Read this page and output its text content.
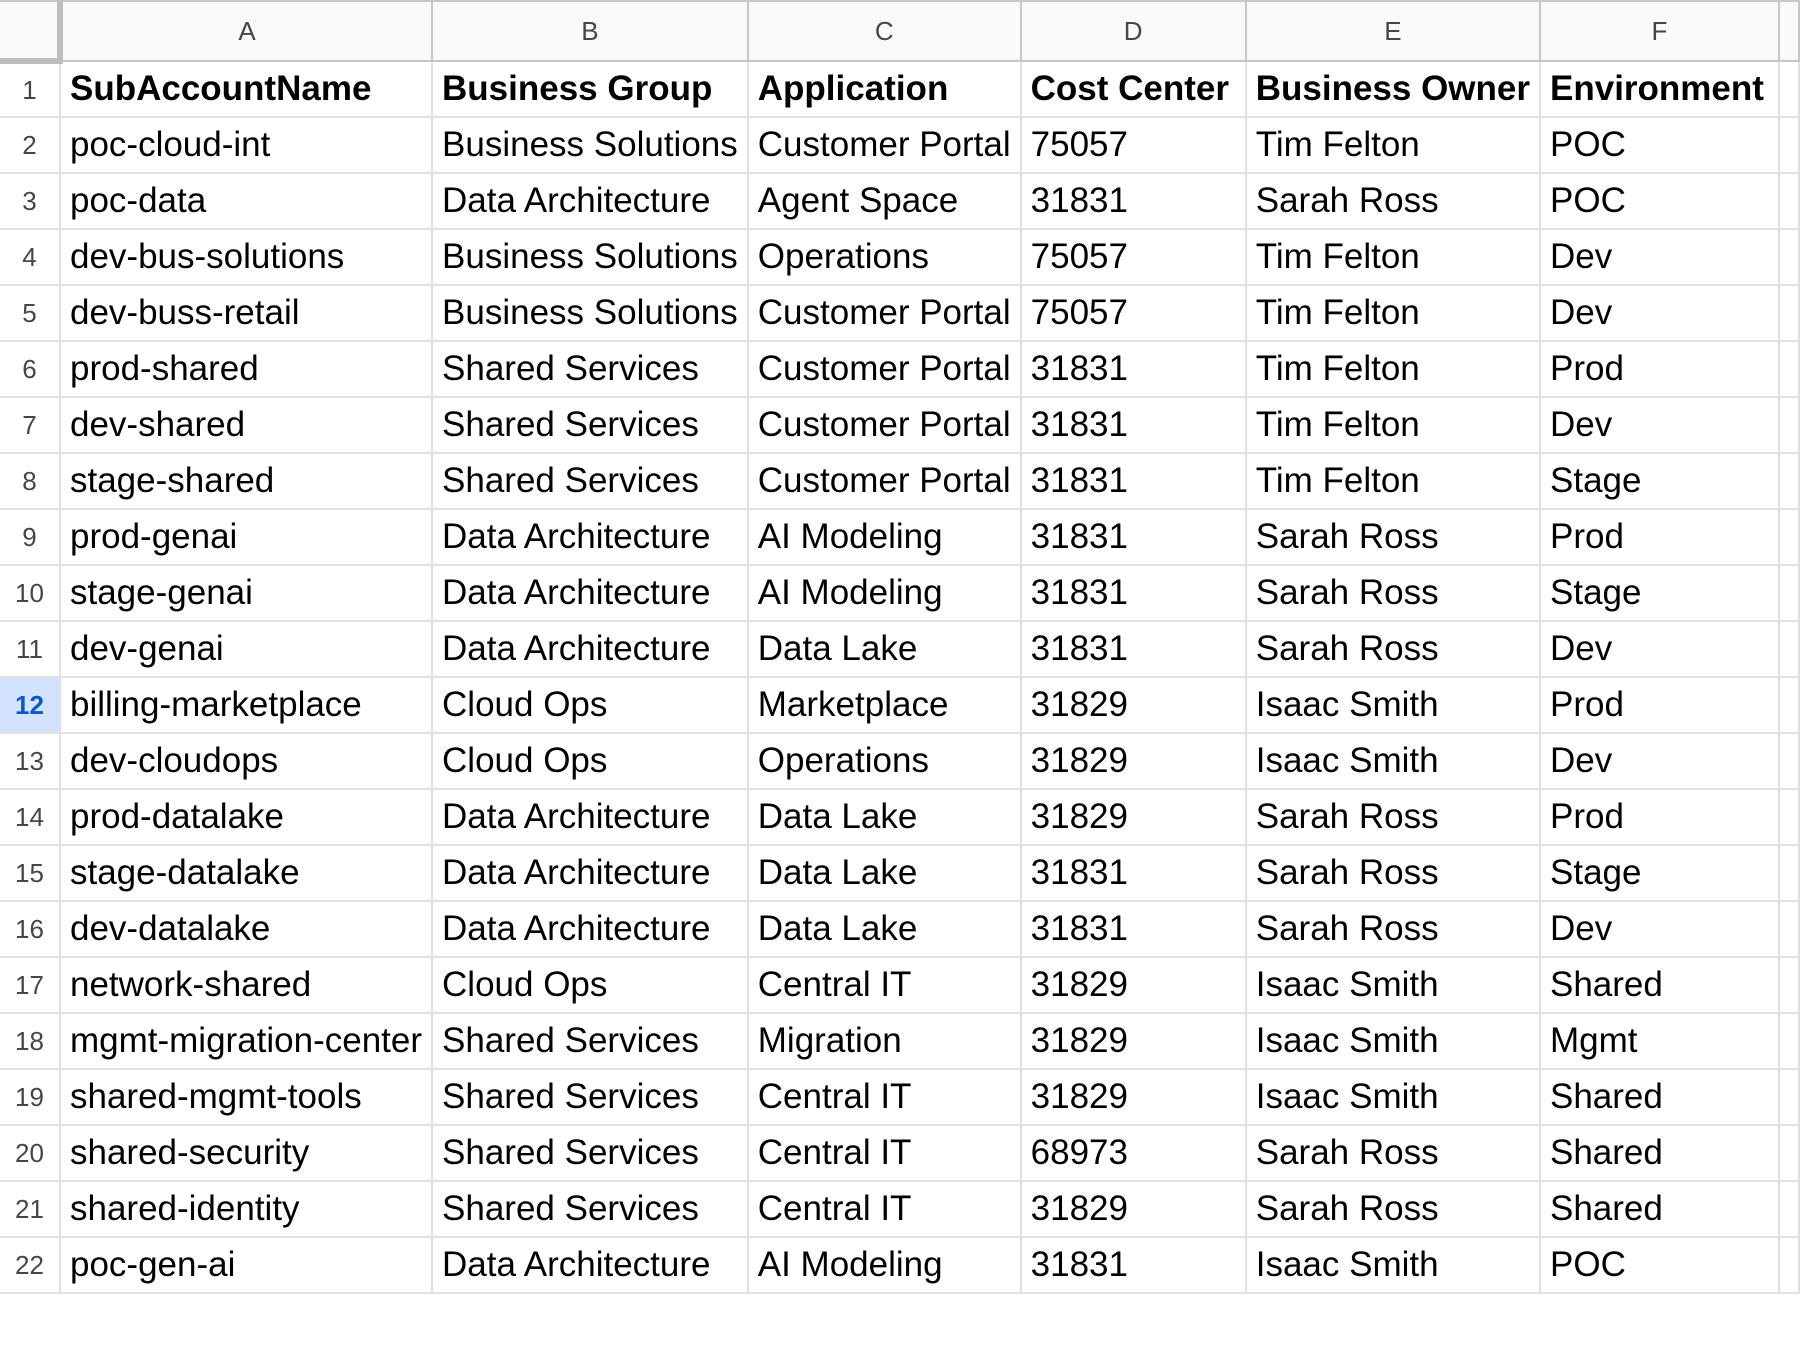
	A	B	C	D	E	F	
1	SubAccountName	Business Group	Application	Cost Center	Business Owner	Environment	
2	poc-cloud-int	Business Solutions	Customer Portal	75057	Tim Felton	POC	
3	poc-data	Data Architecture	Agent Space	31831	Sarah Ross	POC	
4	dev-bus-solutions	Business Solutions	Operations	75057	Tim Felton	Dev	
5	dev-buss-retail	Business Solutions	Customer Portal	75057	Tim Felton	Dev	
6	prod-shared	Shared Services	Customer Portal	31831	Tim Felton	Prod	
7	dev-shared	Shared Services	Customer Portal	31831	Tim Felton	Dev	
8	stage-shared	Shared Services	Customer Portal	31831	Tim Felton	Stage	
9	prod-genai	Data Architecture	AI Modeling	31831	Sarah Ross	Prod	
10	stage-genai	Data Architecture	AI Modeling	31831	Sarah Ross	Stage	
11	dev-genai	Data Architecture	Data Lake	31831	Sarah Ross	Dev	
12	billing-marketplace	Cloud Ops	Marketplace	31829	Isaac Smith	Prod	
13	dev-cloudops	Cloud Ops	Operations	31829	Isaac Smith	Dev	
14	prod-datalake	Data Architecture	Data Lake	31829	Sarah Ross	Prod	
15	stage-datalake	Data Architecture	Data Lake	31831	Sarah Ross	Stage	
16	dev-datalake	Data Architecture	Data Lake	31831	Sarah Ross	Dev	
17	network-shared	Cloud Ops	Central IT	31829	Isaac Smith	Shared	
18	mgmt-migration-center	Shared Services	Migration	31829	Isaac Smith	Mgmt	
19	shared-mgmt-tools	Shared Services	Central IT	31829	Isaac Smith	Shared	
20	shared-security	Shared Services	Central IT	68973	Sarah Ross	Shared	
21	shared-identity	Shared Services	Central IT	31829	Sarah Ross	Shared	
22	poc-gen-ai	Data Architecture	AI Modeling	31831	Isaac Smith	POC	
